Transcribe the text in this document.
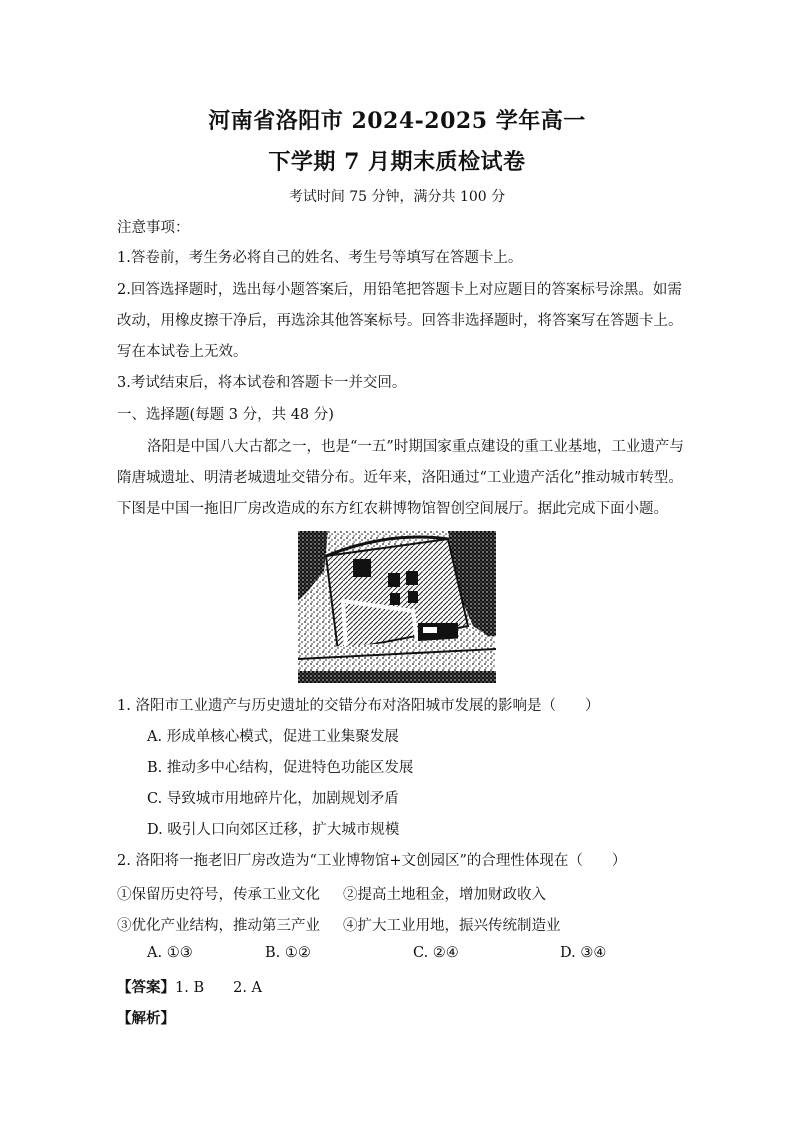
河南省洛阳市 2024-2025 学年高一
下学期 7 月期末质检试卷
考试时间 75 分钟，满分共 100 分
注意事项：
1.答卷前，考生务必将自己的姓名、考生号等填写在答题卡上。
2.回答选择题时，选出每小题答案后，用铅笔把答题卡上对应题目的答案标号涂黑。如需
改动，用橡皮擦干净后，再选涂其他答案标号。回答非选择题时，将答案写在答题卡上。
写在本试卷上无效。
3.考试结束后，将本试卷和答题卡一并交回。
一、选择题(每题 3 分，共 48 分)
洛阳是中国八大古都之一，也是“一五”时期国家重点建设的重工业基地，工业遗产与
隋唐城遗址、明清老城遗址交错分布。近年来，洛阳通过“工业遗产活化”推动城市转型。
下图是中国一拖旧厂房改造成的东方红农耕博物馆智创空间展厅。据此完成下面小题。
1. 洛阳市工业遗产与历史遗址的交错分布对洛阳城市发展的影响是（　　）
A. 形成单核心模式，促进工业集聚发展
B. 推动多中心结构，促进特色功能区发展
C. 导致城市用地碎片化，加剧规划矛盾
D. 吸引人口向郊区迁移，扩大城市规模
2. 洛阳将一拖老旧厂房改造为“工业博物馆+文创园区”的合理性体现在（　　）
①保留历史符号，传承工业文化 ②提高土地租金，增加财政收入
③优化产业结构，推动第三产业 ④扩大工业用地，振兴传统制造业
A. ①③	B. ①②	C. ②④	D. ③④
【答案】1. B　　2. A
【解析】
